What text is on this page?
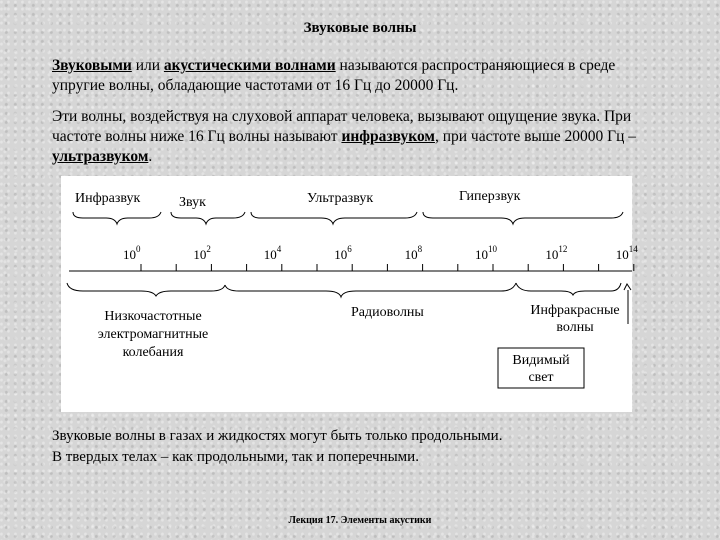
Звуковые волны
Звуковыми или акустическими волнами называются распространяющиеся в среде упругие волны, обладающие частотами от 16 Гц до 20000 Гц.
Эти волны, воздействуя на слуховой аппарат человека, вызывают ощущение звука. При частоте волны ниже 16 Гц волны называют инфразвуком, при частоте выше 20000 Гц – ультразвуком.
$10^0$	$10^2$	$10^4$	$10^6$	$10^8$	$10^{10}$	$10^{12}$	$10^{14}$
Инфразвук	Звук	Ультразвук	Гиперзвук
Низкочастотные
электромагнитные
колебания
Радиоволны	Инфракрасные
волны
Видимый
свет
Звуковые волны в газах и жидкостях могут быть только продольными.
В твердых телах – как продольными, так и поперечными.
Лекция 17. Элементы акустики
